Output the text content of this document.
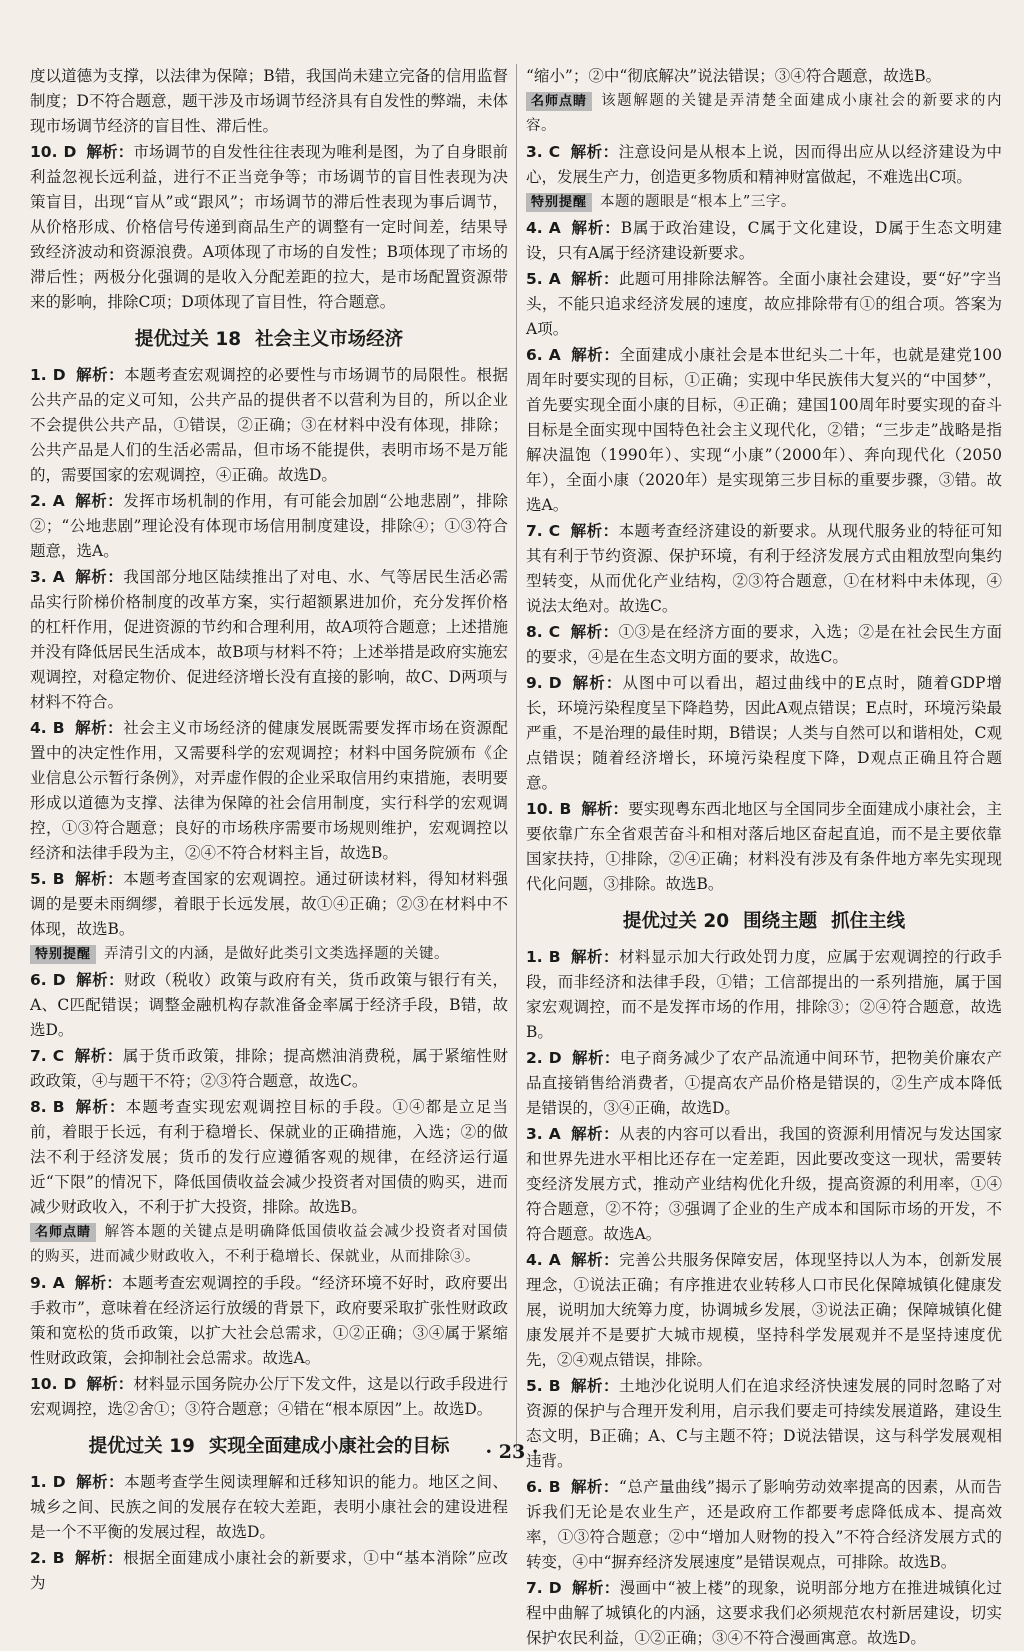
度以道德为支撑，以法律为保障；B错，我国尚未建立完备的信用监督制度；D不符合题意，题干涉及市场调节经济具有自发性的弊端，未体现市场调节经济的盲目性、滞后性。
10. D 解析：市场调节的自发性往往表现为唯利是图，为了自身眼前利益忽视长远利益，进行不正当竞争等；市场调节的盲目性表现为决策盲目，出现“盲从”或“跟风”；市场调节的滞后性表现为事后调节，从价格形成、价格信号传递到商品生产的调整有一定时间差，结果导致经济波动和资源浪费。A项体现了市场的自发性；B项体现了市场的滞后性；两极分化强调的是收入分配差距的拉大，是市场配置资源带来的影响，排除C项；D项体现了盲目性，符合题意。
提优过关 18 社会主义市场经济
1. D 解析：本题考查宏观调控的必要性与市场调节的局限性。根据公共产品的定义可知，公共产品的提供者不以营利为目的，所以企业不会提供公共产品，①错误，②正确；③在材料中没有体现，排除；公共产品是人们的生活必需品，但市场不能提供，表明市场不是万能的，需要国家的宏观调控，④正确。故选D。
2. A 解析：发挥市场机制的作用，有可能会加剧“公地悲剧”，排除②；“公地悲剧”理论没有体现市场信用制度建设，排除④；①③符合题意，选A。
3. A 解析：我国部分地区陆续推出了对电、水、气等居民生活必需品实行阶梯价格制度的改革方案，实行超额累进加价，充分发挥价格的杠杆作用，促进资源的节约和合理利用，故A项符合题意；上述措施并没有降低居民生活成本，故B项与材料不符；上述举措是政府实施宏观调控，对稳定物价、促进经济增长没有直接的影响，故C、D两项与材料不符合。
4. B 解析：社会主义市场经济的健康发展既需要发挥市场在资源配置中的决定性作用，又需要科学的宏观调控；材料中国务院颁布《企业信息公示暂行条例》，对弄虚作假的企业采取信用约束措施，表明要形成以道德为支撑、法律为保障的社会信用制度，实行科学的宏观调控，①③符合题意；良好的市场秩序需要市场规则维护，宏观调控以经济和法律手段为主，②④不符合材料主旨，故选B。
5. B 解析：本题考查国家的宏观调控。通过研读材料，得知材料强调的是要未雨绸缪，着眼于长远发展，故①④正确；②③在材料中不体现，故选B。
特别提醒 弄清引文的内涵，是做好此类引文类选择题的关键。
6. D 解析：财政（税收）政策与政府有关，货币政策与银行有关，A、C匹配错误；调整金融机构存款准备金率属于经济手段，B错，故选D。
7. C 解析：属于货币政策，排除；提高燃油消费税，属于紧缩性财政政策，④与题干不符；②③符合题意，故选C。
8. B 解析：本题考查实现宏观调控目标的手段。①④都是立足当前，着眼于长远，有利于稳增长、保就业的正确措施，入选；②的做法不利于经济发展；货币的发行应遵循客观的规律，在经济运行逼近“下限”的情况下，降低国债收益会减少投资者对国债的购买，进而减少财政收入，不利于扩大投资，排除。故选B。
名师点睛 解答本题的关键点是明确降低国债收益会减少投资者对国债的购买，进而减少财政收入，不利于稳增长、保就业，从而排除③。
9. A 解析：本题考查宏观调控的手段。“经济环境不好时，政府要出手救市”，意味着在经济运行放缓的背景下，政府要采取扩张性财政政策和宽松的货币政策，以扩大社会总需求，①②正确；③④属于紧缩性财政政策，会抑制社会总需求。故选A。
10. D 解析：材料显示国务院办公厅下发文件，这是以行政手段进行宏观调控，选②舍①；③符合题意；④错在“根本原因”上。故选D。
提优过关 19 实现全面建成小康社会的目标
1. D 解析：本题考查学生阅读理解和迁移知识的能力。地区之间、城乡之间、民族之间的发展存在较大差距，表明小康社会的建设进程是一个不平衡的发展过程，故选D。
2. B 解析：根据全面建成小康社会的新要求，①中“基本消除”应改为
“缩小”；②中“彻底解决”说法错误；③④符合题意，故选B。
名师点睛 该题解题的关键是弄清楚全面建成小康社会的新要求的内容。
3. C 解析：注意设问是从根本上说，因而得出应从以经济建设为中心，发展生产力，创造更多物质和精神财富做起，不难选出C项。
特别提醒 本题的题眼是“根本上”三字。
4. A 解析：B属于政治建设，C属于文化建设，D属于生态文明建设，只有A属于经济建设新要求。
5. A 解析：此题可用排除法解答。全面小康社会建设，要“好”字当头，不能只追求经济发展的速度，故应排除带有①的组合项。答案为A项。
6. A 解析：全面建成小康社会是本世纪头二十年，也就是建党100周年时要实现的目标，①正确；实现中华民族伟大复兴的“中国梦”，首先要实现全面小康的目标，④正确；建国100周年时要实现的奋斗目标是全面实现中国特色社会主义现代化，②错；“三步走”战略是指解决温饱（1990年）、实现“小康”（2000年）、奔向现代化（2050年），全面小康（2020年）是实现第三步目标的重要步骤，③错。故选A。
7. C 解析：本题考查经济建设的新要求。从现代服务业的特征可知其有利于节约资源、保护环境，有利于经济发展方式由粗放型向集约型转变，从而优化产业结构，②③符合题意，①在材料中未体现，④说法太绝对。故选C。
8. C 解析：①③是在经济方面的要求，入选；②是在社会民生方面的要求，④是在生态文明方面的要求，故选C。
9. D 解析：从图中可以看出，超过曲线中的E点时，随着GDP增长，环境污染程度呈下降趋势，因此A观点错误；E点时，环境污染最严重，不是治理的最佳时期，B错误；人类与自然可以和谐相处，C观点错误；随着经济增长，环境污染程度下降，D观点正确且符合题意。
10. B 解析：要实现粤东西北地区与全国同步全面建成小康社会，主要依靠广东全省艰苦奋斗和相对落后地区奋起直追，而不是主要依靠国家扶持，①排除，②④正确；材料没有涉及有条件地方率先实现现代化问题，③排除。故选B。
提优过关 20 围绕主题 抓住主线
1. B 解析：材料显示加大行政处罚力度，应属于宏观调控的行政手段，而非经济和法律手段，①错；工信部提出的一系列措施，属于国家宏观调控，而不是发挥市场的作用，排除③；②④符合题意，故选B。
2. D 解析：电子商务减少了农产品流通中间环节，把物美价廉农产品直接销售给消费者，①提高农产品价格是错误的，②生产成本降低是错误的，③④正确，故选D。
3. A 解析：从表的内容可以看出，我国的资源利用情况与发达国家和世界先进水平相比还存在一定差距，因此要改变这一现状，需要转变经济发展方式，推动产业结构优化升级，提高资源的利用率，①④符合题意，②不符；③强调了企业的生产成本和国际市场的开发，不符合题意。故选A。
4. A 解析：完善公共服务保障安居，体现坚持以人为本，创新发展理念，①说法正确；有序推进农业转移人口市民化保障城镇化健康发展，说明加大统筹力度，协调城乡发展，③说法正确；保障城镇化健康发展并不是要扩大城市规模，坚持科学发展观并不是坚持速度优先，②④观点错误，排除。
5. B 解析：土地沙化说明人们在追求经济快速发展的同时忽略了对资源的保护与合理开发利用，启示我们要走可持续发展道路，建设生态文明，B正确；A、C与主题不符；D说法错误，这与科学发展观相违背。
6. B 解析：“总产量曲线”揭示了影响劳动效率提高的因素，从而告诉我们无论是农业生产，还是政府工作都要考虑降低成本、提高效率，①③符合题意；②中“增加人财物的投入”不符合经济发展方式的转变，④中“摒弃经济发展速度”是错误观点，可排除。故选B。
7. D 解析：漫画中“被上楼”的现象，说明部分地方在推进城镇化过程中曲解了城镇化的内涵，这要求我们必须规范农村新居建设，切实保护农民利益，①②正确；③④不符合漫画寓意。故选D。
· 23 ·
